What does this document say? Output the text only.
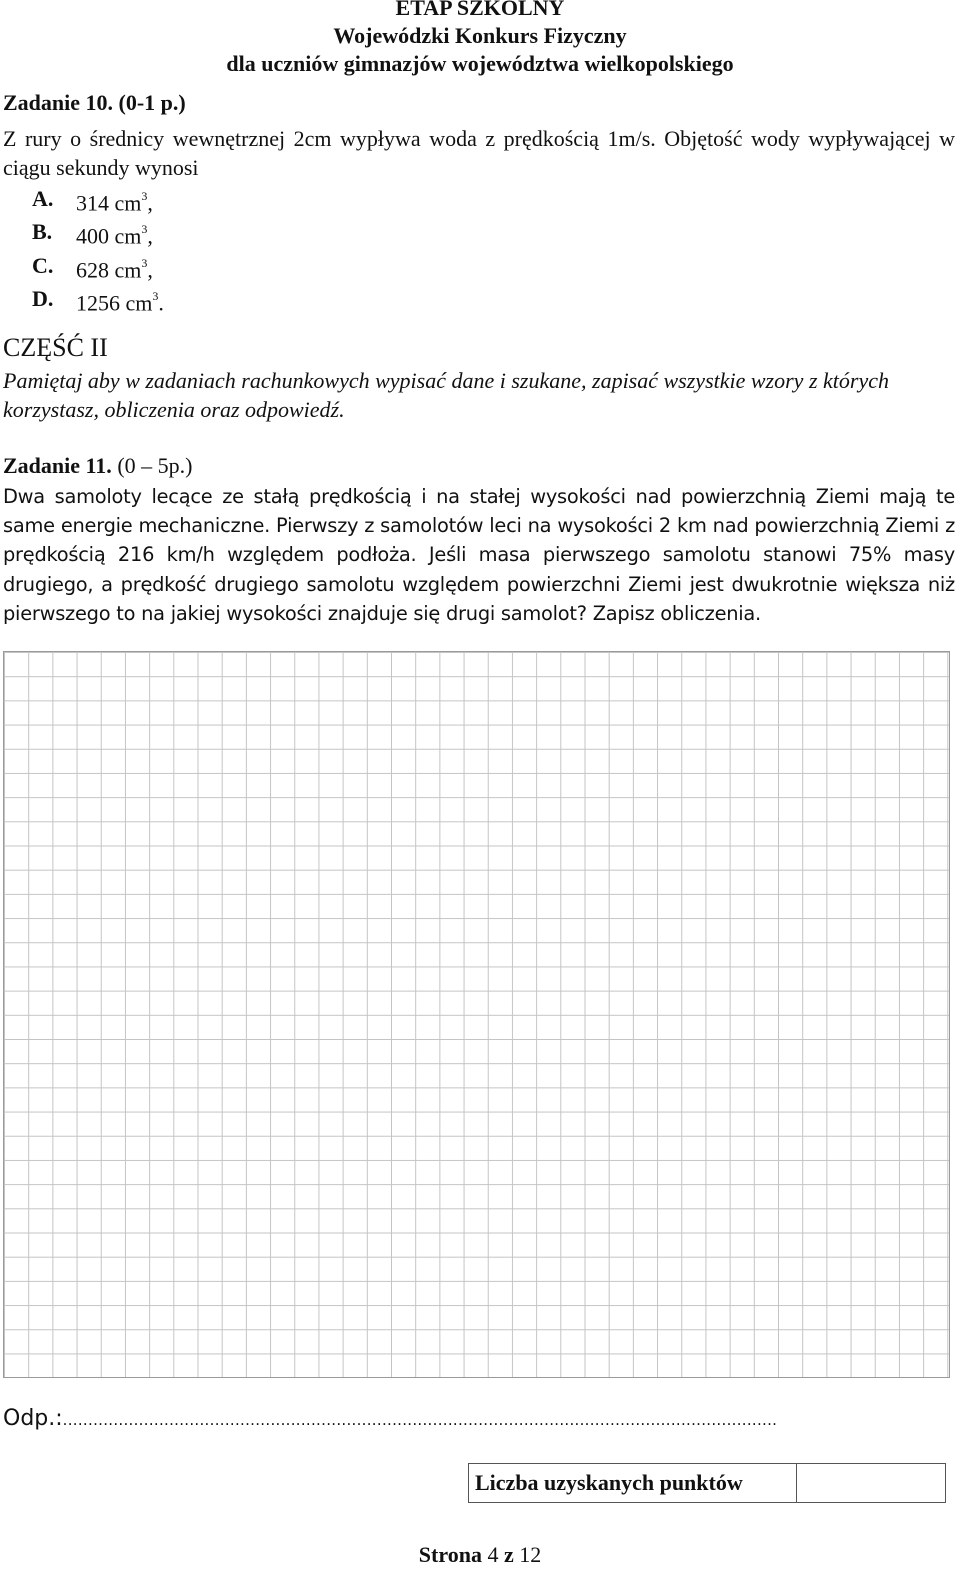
ETAP SZKOLNY
Wojewódzki Konkurs Fizyczny
dla uczniów gimnazjów województwa wielkopolskiego
Zadanie 10. (0-1 p.)
Z rury o średnicy wewnętrznej 2cm wypływa woda z prędkością 1m/s. Objętość wody wypływającej w ciągu sekundy wynosi
A.	314 $cm^3$,
B.	400 $cm^3$,
C.	628 $cm^3$,
D.	1256 $cm^3$.
CZĘŚĆ II
Pamiętaj aby w zadaniach rachunkowych wypisać dane i szukane, zapisać wszystkie wzory z których korzystasz, obliczenia oraz odpowiedź.
Zadanie 11. (0 – 5p.)
Dwa samoloty lecące ze stałą prędkością i na stałej wysokości nad powierzchnią Ziemi mają te same energie mechaniczne. Pierwszy z samolotów leci na wysokości 2 km nad powierzchnią Ziemi z prędkością 216 km/h względem podłoża. Jeśli masa pierwszego samolotu stanowi 75% masy drugiego, a prędkość drugiego samolotu względem powierzchni Ziemi jest dwukrotnie większa niż pierwszego to na jakiej wysokości znajduje się drugi samolot? Zapisz obliczenia.
Odp.:.............................................................................................................................................
Liczba uzyskanych punktów
Strona 4 z 12
